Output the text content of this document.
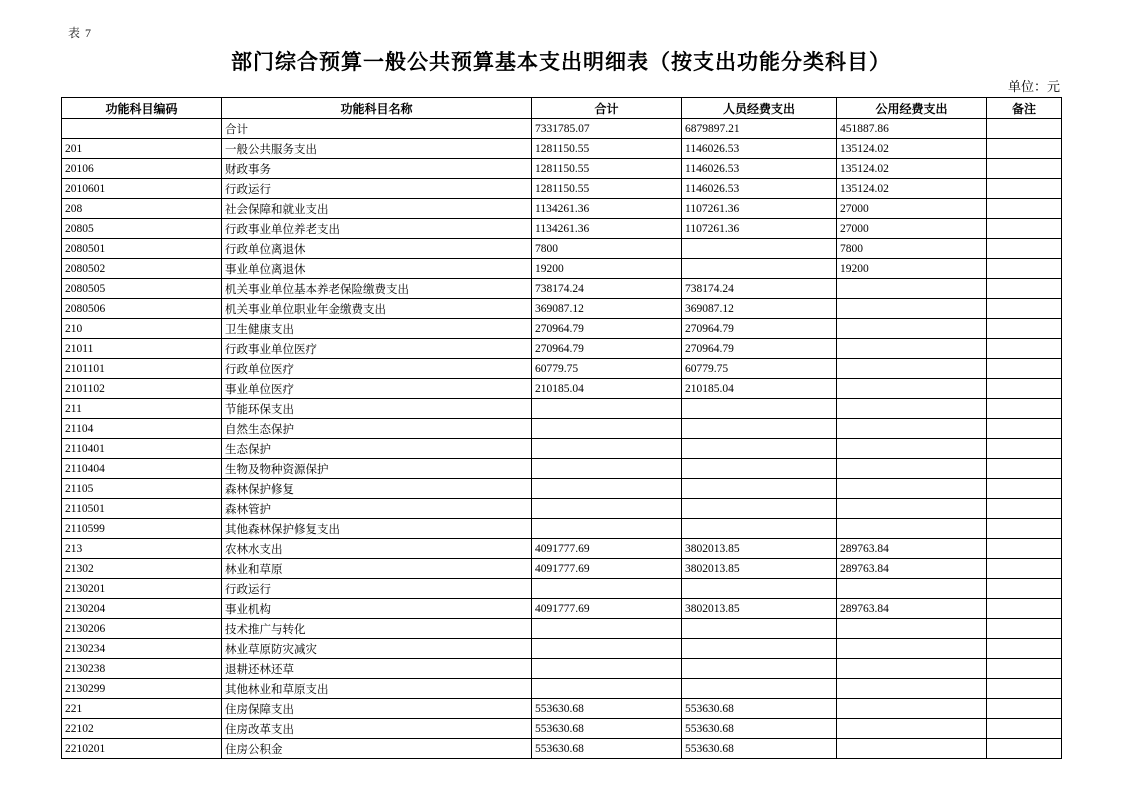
表 7
部门综合预算一般公共预算基本支出明细表（按支出功能分类科目）
单位：元
功能科目编码	功能科目名称	合计	人员经费支出	公用经费支出	备注
	合计	7331785.07	6879897.21	451887.86	
201	一般公共服务支出	1281150.55	1146026.53	135124.02	
20106	财政事务	1281150.55	1146026.53	135124.02	
2010601	行政运行	1281150.55	1146026.53	135124.02	
208	社会保障和就业支出	1134261.36	1107261.36	27000	
20805	行政事业单位养老支出	1134261.36	1107261.36	27000	
2080501	行政单位离退休	7800		7800	
2080502	事业单位离退休	19200		19200	
2080505	机关事业单位基本养老保险缴费支出	738174.24	738174.24		
2080506	机关事业单位职业年金缴费支出	369087.12	369087.12		
210	卫生健康支出	270964.79	270964.79		
21011	行政事业单位医疗	270964.79	270964.79		
2101101	行政单位医疗	60779.75	60779.75		
2101102	事业单位医疗	210185.04	210185.04		
211	节能环保支出				
21104	自然生态保护				
2110401	生态保护				
2110404	生物及物种资源保护				
21105	森林保护修复				
2110501	森林管护				
2110599	其他森林保护修复支出				
213	农林水支出	4091777.69	3802013.85	289763.84	
21302	林业和草原	4091777.69	3802013.85	289763.84	
2130201	行政运行				
2130204	事业机构	4091777.69	3802013.85	289763.84	
2130206	技术推广与转化				
2130234	林业草原防灾减灾				
2130238	退耕还林还草				
2130299	其他林业和草原支出				
221	住房保障支出	553630.68	553630.68		
22102	住房改革支出	553630.68	553630.68		
2210201	住房公积金	553630.68	553630.68		
